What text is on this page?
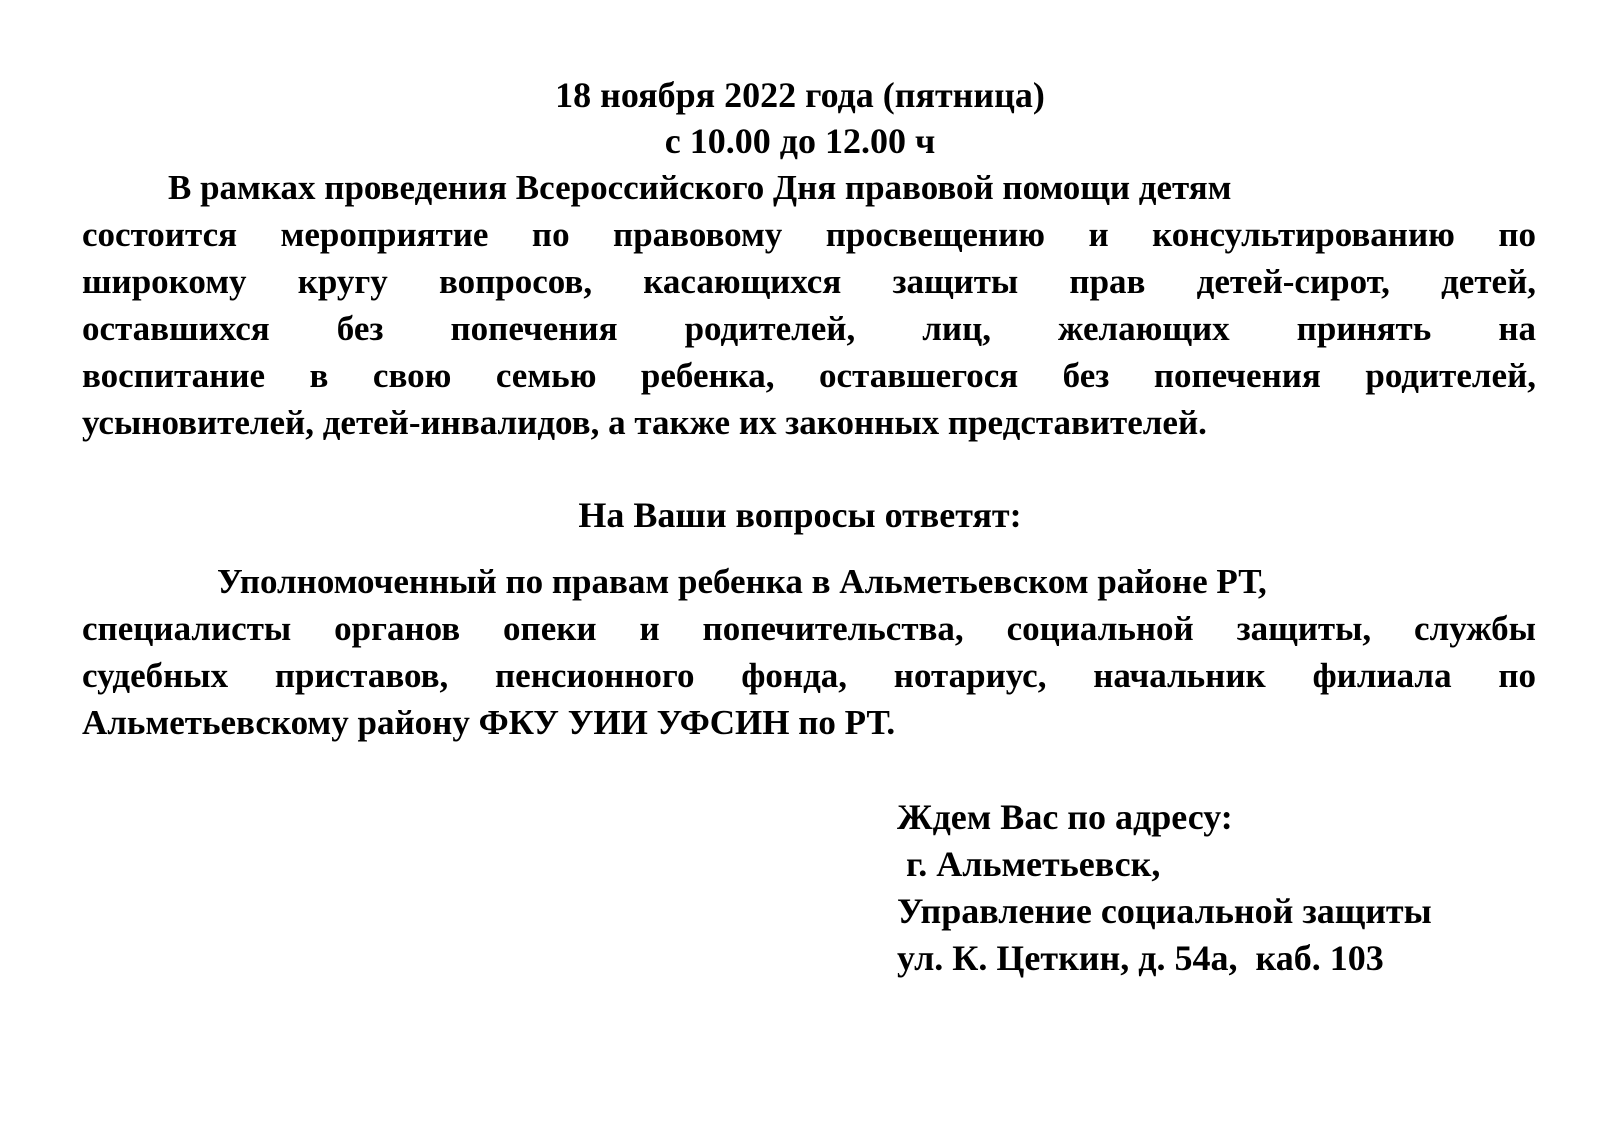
18 ноября 2022 года (пятница)
с 10.00 до 12.00 ч
В рамках проведения Всероссийского Дня правовой помощи детям
состоится мероприятие по правовому просвещению и консультированию по
широкому кругу вопросов, касающихся защиты прав детей-сирот, детей,
оставшихся без попечения родителей, лиц, желающих принять на
воспитание в свою семью ребенка, оставшегося без попечения родителей,
усыновителей, детей-инвалидов, а также их законных представителей.
На Ваши вопросы ответят:
Уполномоченный по правам ребенка в Альметьевском районе РТ,
специалисты органов опеки и попечительства, социальной защиты, службы
судебных приставов, пенсионного фонда, нотариус, начальник филиала по
Альметьевскому району ФКУ УИИ УФСИН по РТ.
Ждем Вас по адресу:
г. Альметьевск,
Управление социальной защиты
ул. К. Цеткин, д. 54а,  каб. 103
